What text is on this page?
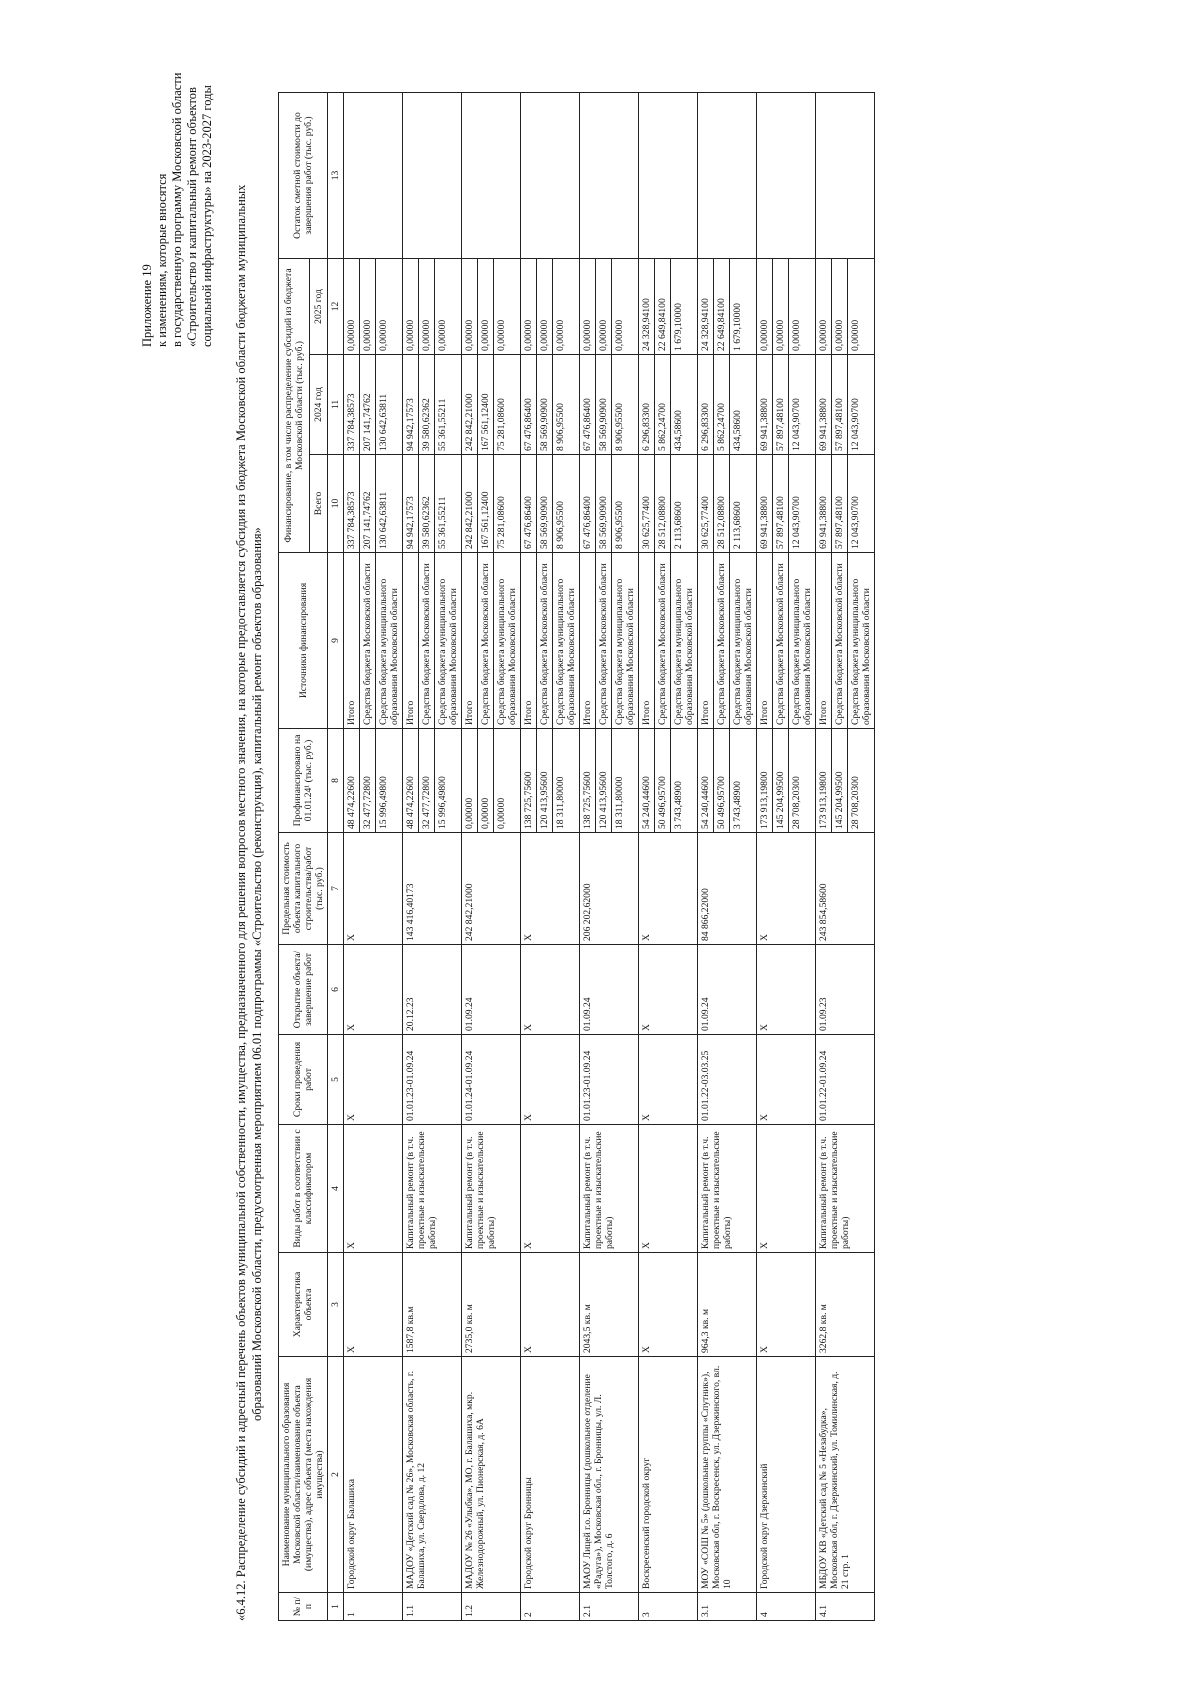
Приложение 19 к изменениям, которые вносятся в государственную программу Московской области «Строительство и капитальный ремонт объектов социальной инфраструктуры» на 2023-2027 годы «6.4.12. Распределение субсидий и адресный перечень объектов муниципальной собственности, имущества, предназначенного для решения вопросов местного значения, на которые предоставляется субсидия из бюджета Московской области бюджетам муниципальных образований Московской области, предусмотренная мероприятием 06.01 подпрограммы «Строительство (реконструкция), капитальный ремонт объектов образования»
№ п/п	Наименование муниципального образования Московской области/наименование объекта (имущества), адрес объекта (места нахождения имущества)	Характеристика объекта	Виды работ в соответствии с классификатором	Сроки проведения работ	Открытие объекта/ завершение работ	Предельная стоимость объекта капитального строительства/работ (тыс. руб.)	Профинансировано на 01.01.24¹ (тыс. руб.)	Источники финансирования	Финансирование, в том числе распределение субсидий из бюджета Московской области (тыс. руб.)			Остаток сметной стоимости до завершения работ (тыс. руб.)
									Всего	2024 год	2025 год	
1	2	3	4	5	6	7	8	9	10	11	12	13
1	Городской округ Балашиха	Х	Х	Х	Х	Х	48 474,22600	Итого	337 784,38573	337 784,38573	0,00000	
							32 477,72800	Средства бюджета Московской области	207 141,74762	207 141,74762	0,00000	
							15 996,49800	Средства бюджета муниципального образования Московской области	130 642,63811	130 642,63811	0,00000	
1.1	МАДОУ «Детский сад № 26», Московская область, г. Балашиха, ул. Свердлова, д. 12	1587,8 кв.м	Капитальный ремонт (в т.ч. проектные и изыскательские работы)	01.01.23-01.09.24	20.12.23	143 416,40173	48 474,22600	Итого	94 942,17573	94 942,17573	0,00000	
							32 477,72800	Средства бюджета Московской области	39 580,62362	39 580,62362	0,00000	
							15 996,49800	Средства бюджета муниципального образования Московской области	55 361,55211	55 361,55211	0,00000	
1.2	МАДОУ № 26 «Улыбка», МО, г. Балашиха, мкр. Железнодорожный, ул. Пионерская, д. 6А	2735,0 кв. м	Капитальный ремонт (в т.ч. проектные и изыскательские работы)	01.01.24-01.09.24	01.09.24	242 842,21000	0,00000	Итого	242 842,21000	242 842,21000	0,00000	
							0,00000	Средства бюджета Московской области	167 561,12400	167 561,12400	0,00000	
							0,00000	Средства бюджета муниципального образования Московской области	75 281,08600	75 281,08600	0,00000	
2	Городской округ Бронницы	Х	Х	Х	Х	Х	138 725,75600	Итого	67 476,86400	67 476,86400	0,00000	
							120 413,95600	Средства бюджета Московской области	58 569,90900	58 569,90900	0,00000	
							18 311,80000	Средства бюджета муниципального образования Московской области	8 906,95500	8 906,95500	0,00000	
2.1	МАОУ Лицей г.о. Бронницы (дошкольное отделение «Радуга»), Московская обл., г. Бронницы, ул. Л. Толстого, д. 6	2043,5 кв. м	Капитальный ремонт (в т.ч. проектные и изыскательские работы)	01.01.23-01.09.24	01.09.24	206 202,62000	138 725,75600	Итого	67 476,86400	67 476,86400	0,00000	
							120 413,95600	Средства бюджета Московской области	58 569,90900	58 569,90900	0,00000	
							18 311,80000	Средства бюджета муниципального образования Московской области	8 906,95500	8 906,95500	0,00000	
3	Воскресенский городской округ	Х	Х	Х	Х	Х	54 240,44600	Итого	30 625,77400	6 296,83300	24 328,94100	
							50 496,95700	Средства бюджета Московской области	28 512,08800	5 862,24700	22 649,84100	
							3 743,48900	Средства бюджета муниципального образования Московской области	2 113,68600	434,58600	1 679,10000	
3.1	МОУ «СОШ № 5» (дошкольные группы «Спутник»), Московская обл, г. Воскресенск, ул. Дзержинского, вл. 10	964,3 кв. м	Капитальный ремонт (в т.ч. проектные и изыскательские работы)	01.01.22-03.03.25	01.09.24	84 866,22000	54 240,44600	Итого	30 625,77400	6 296,83300	24 328,94100	
							50 496,95700	Средства бюджета Московской области	28 512,08800	5 862,24700	22 649,84100	
							3 743,48900	Средства бюджета муниципального образования Московской области	2 113,68600	434,58600	1 679,10000	
4	Городской округ Дзержинский	Х	Х	Х	Х	Х	173 913,19800	Итого	69 941,38800	69 941,38800	0,00000	
							145 204,99500	Средства бюджета Московской области	57 897,48100	57 897,48100	0,00000	
							28 708,20300	Средства бюджета муниципального образования Московской области	12 043,90700	12 043,90700	0,00000	
4.1	МБДОУ КВ «Детский сад № 5 «Незабудка», Московская обл, г. Дзержинский, ул. Томилинская, д. 21 стр. 1	3262,8 кв. м	Капитальный ремонт (в т.ч. проектные и изыскательские работы)	01.01.22-01.09.24	01.09.23	243 854,58600	173 913,19800	Итого	69 941,38800	69 941,38800	0,00000	
							145 204,99500	Средства бюджета Московской области	57 897,48100	57 897,48100	0,00000	
							28 708,20300	Средства бюджета муниципального образования Московской области	12 043,90700	12 043,90700	0,00000	
